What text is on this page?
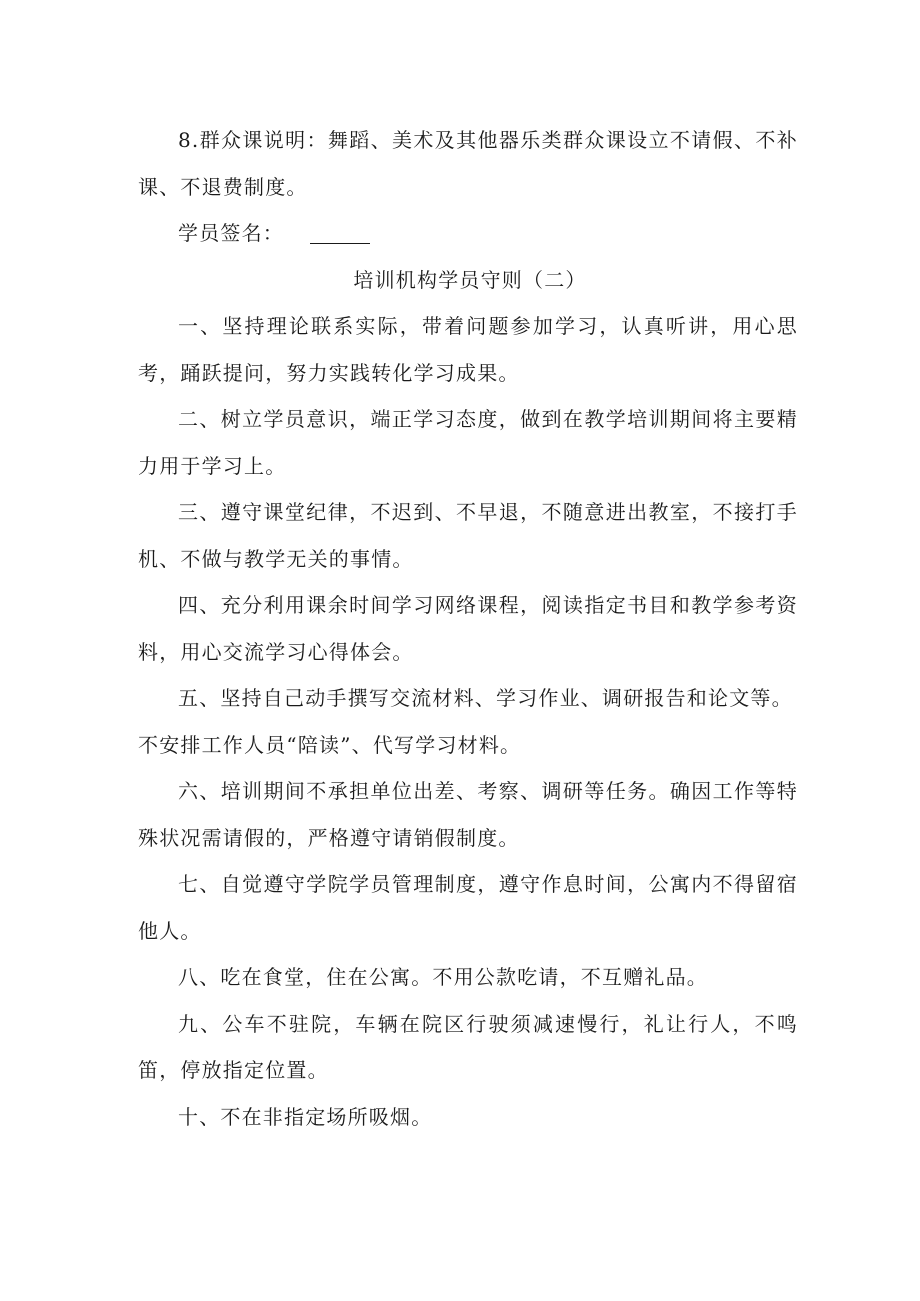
8.群众课说明：舞蹈、美术及其他器乐类群众课设立不请假、不补课、不退费制度。

学员签名：

培训机构学员守则（二）

一、坚持理论联系实际，带着问题参加学习，认真听讲，用心思考，踊跃提问，努力实践转化学习成果。

二、树立学员意识，端正学习态度，做到在教学培训期间将主要精力用于学习上。

三、遵守课堂纪律，不迟到、不早退，不随意进出教室，不接打手机、不做与教学无关的事情。

四、充分利用课余时间学习网络课程，阅读指定书目和教学参考资料，用心交流学习心得体会。

五、坚持自己动手撰写交流材料、学习作业、调研报告和论文等。

不安排工作人员“陪读”、代写学习材料。

六、培训期间不承担单位出差、考察、调研等任务。确因工作等特殊状况需请假的，严格遵守请销假制度。

七、自觉遵守学院学员管理制度，遵守作息时间，公寓内不得留宿他人。

八、吃在食堂，住在公寓。不用公款吃请，不互赠礼品。

九、公车不驻院，车辆在院区行驶须减速慢行，礼让行人，不鸣笛，停放指定位置。

十、不在非指定场所吸烟。
